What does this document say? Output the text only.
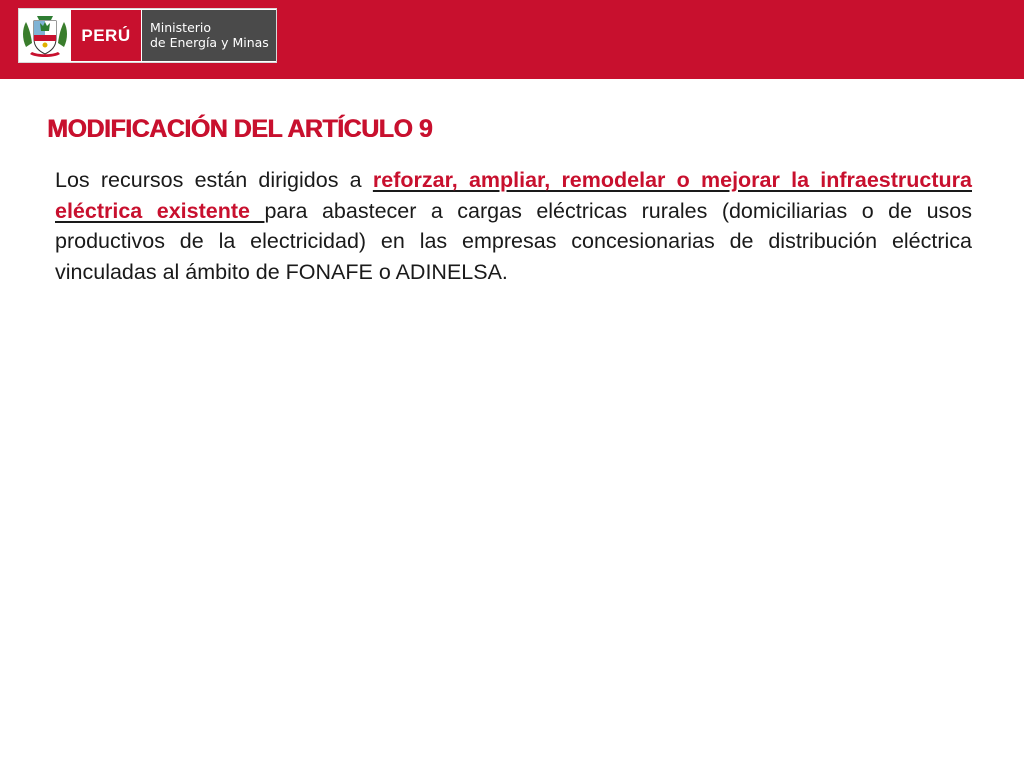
PERÚ	Ministerio
de Energía y Minas
MODIFICACIÓN DEL ARTÍCULO 9

Los recursos están dirigidos a reforzar, ampliar, remodelar o mejorar la infraestructura eléctrica existente para abastecer a cargas eléctricas rurales (domiciliarias o de usos productivos de la electricidad) en las empresas concesionarias de distribución eléctrica vinculadas al ámbito de FONAFE o ADINELSA.
